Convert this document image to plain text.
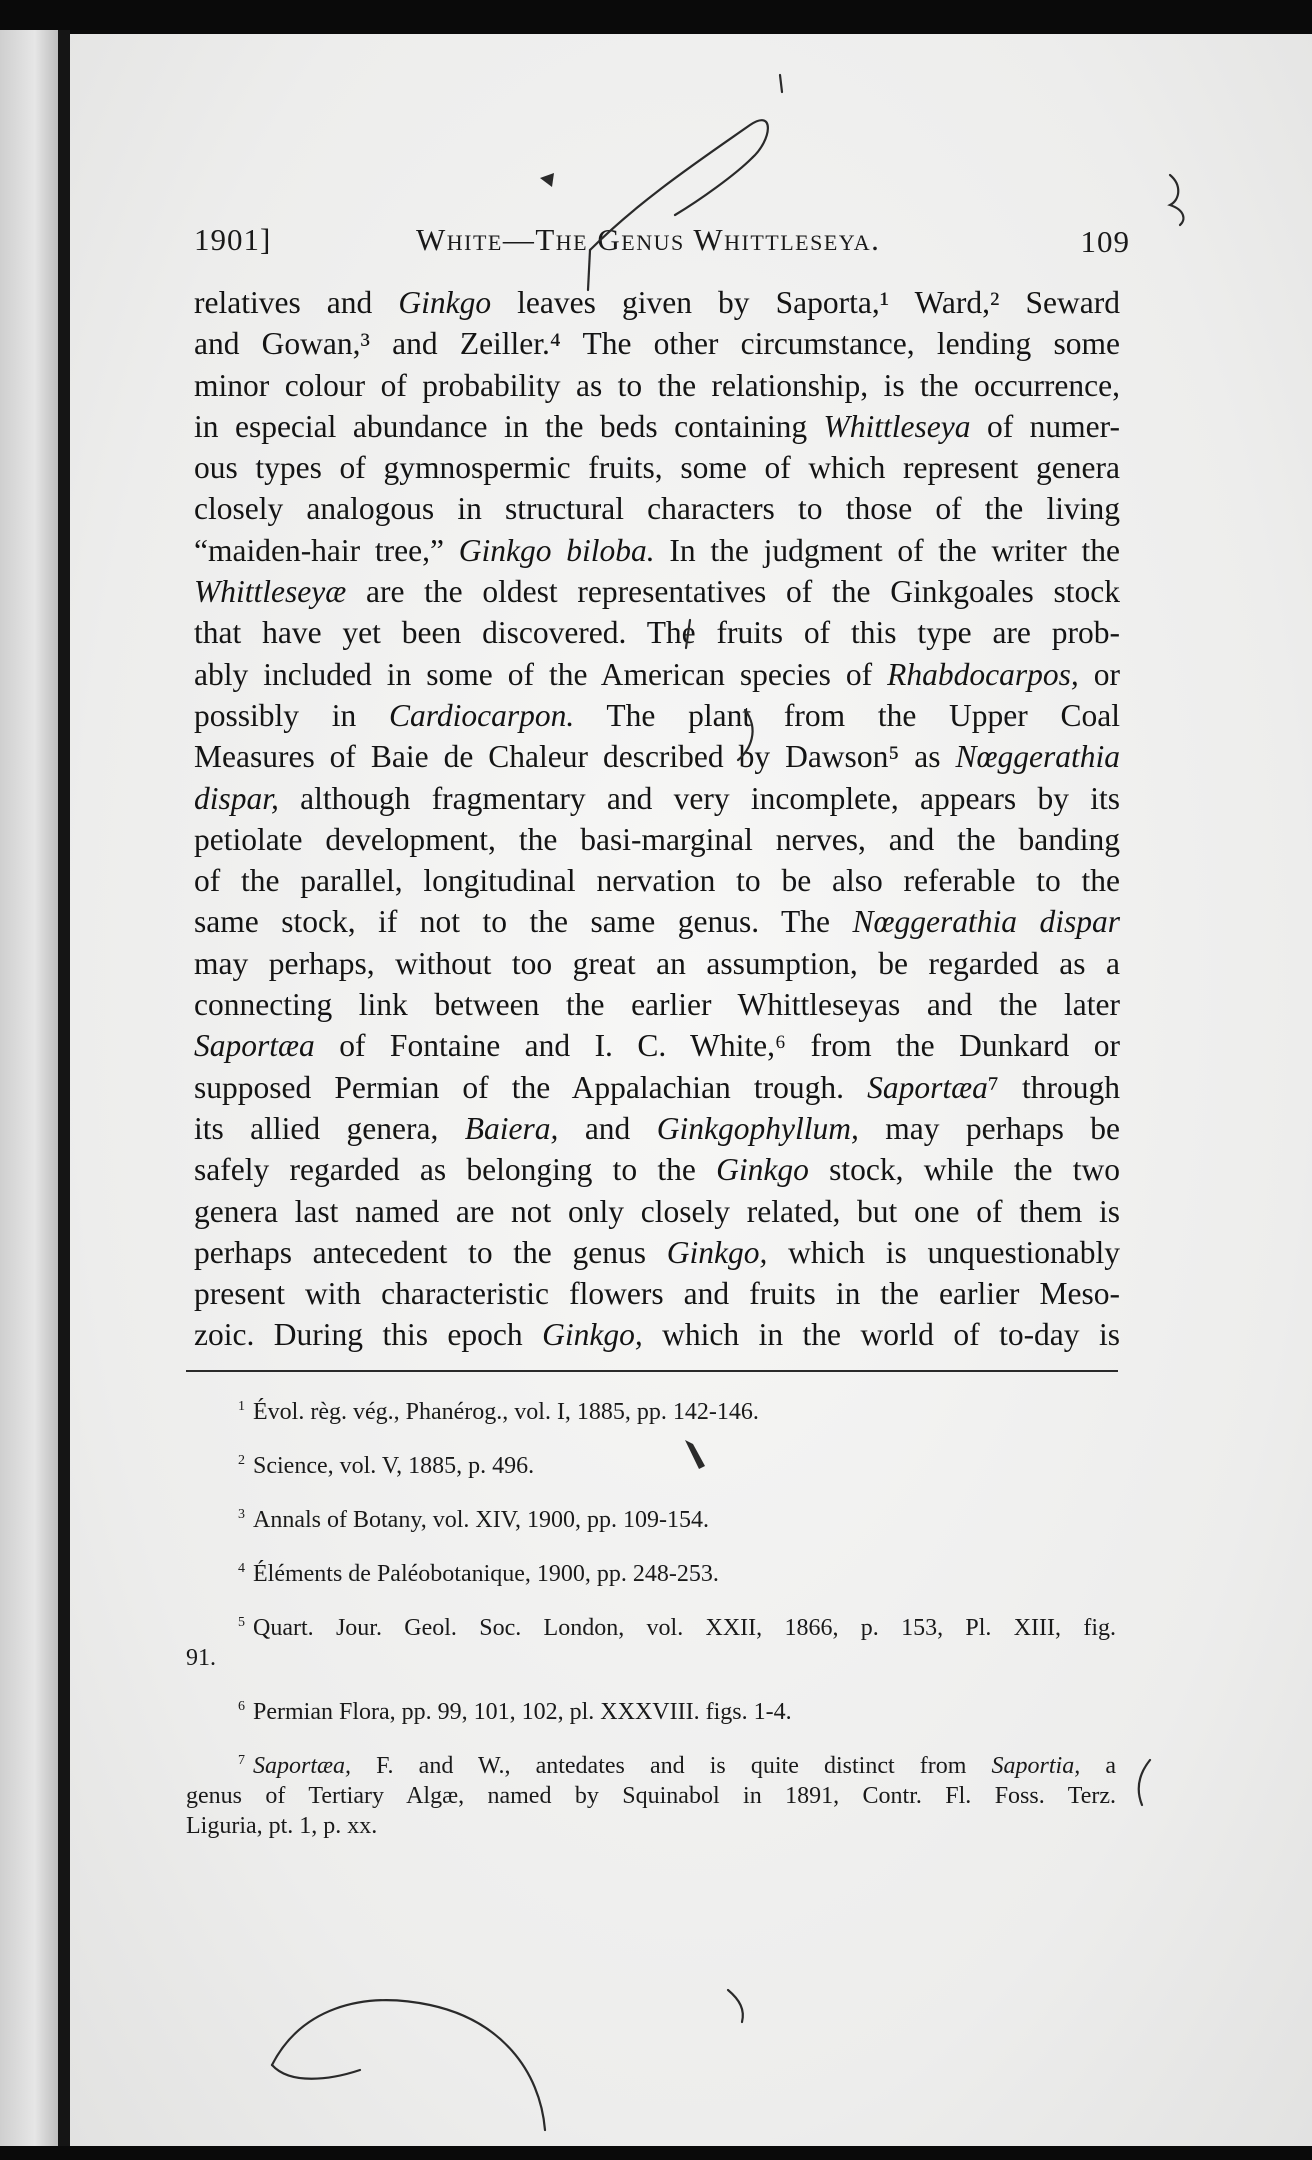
1901]	White—The Genus Whittleseya.	109
relatives and Ginkgo leaves given by Saporta,¹ Ward,² Seward
and Gowan,³ and Zeiller.⁴ The other circumstance, lending some
minor colour of probability as to the relationship, is the occurrence,
in especial abundance in the beds containing Whittleseya of numer-
ous types of gymnospermic fruits, some of which represent genera
closely analogous in structural characters to those of the living
“maiden-hair tree,” Ginkgo biloba. In the judgment of the writer the
Whittleseyæ are the oldest representatives of the Ginkgoales stock
that have yet been discovered. The fruits of this type are prob-
ably included in some of the American species of Rhabdocarpos, or
possibly in Cardiocarpon. The plant from the Upper Coal
Measures of Baie de Chaleur described by Dawson⁵ as Nœggerathia
dispar, although fragmentary and very incomplete, appears by its
petiolate development, the basi-marginal nerves, and the banding
of the parallel, longitudinal nervation to be also referable to the
same stock, if not to the same genus. The Nœggerathia dispar
may perhaps, without too great an assumption, be regarded as a
connecting link between the earlier Whittleseyas and the later
Saportæa of Fontaine and I. C. White,⁶ from the Dunkard or
supposed Permian of the Appalachian trough. Saportæa⁷ through
its allied genera, Baiera, and Ginkgophyllum, may perhaps be
safely regarded as belonging to the Ginkgo stock, while the two
genera last named are not only closely related, but one of them is
perhaps antecedent to the genus Ginkgo, which is unquestionably
present with characteristic flowers and fruits in the earlier Meso-
zoic. During this epoch Ginkgo, which in the world of to-day is
$^1$ Évol. règ. vég., Phanérog., vol. I, 1885, pp. 142-146.
$^2$ Science, vol. V, 1885, p. 496.
$^3$ Annals of Botany, vol. XIV, 1900, pp. 109-154.
$^4$ Éléments de Paléobotanique, 1900, pp. 248-253.
$^5$ Quart. Jour. Geol. Soc. London, vol. XXII, 1866, p. 153, Pl. XIII, fig.
91.
$^6$ Permian Flora, pp. 99, 101, 102, pl. XXXVIII. figs. 1-4.
$^7$ Saportæa, F. and W., antedates and is quite distinct from Saportia, a
genus of Tertiary Algæ, named by Squinabol in 1891, Contr. Fl. Foss. Terz.
Liguria, pt. 1, p. xx.
